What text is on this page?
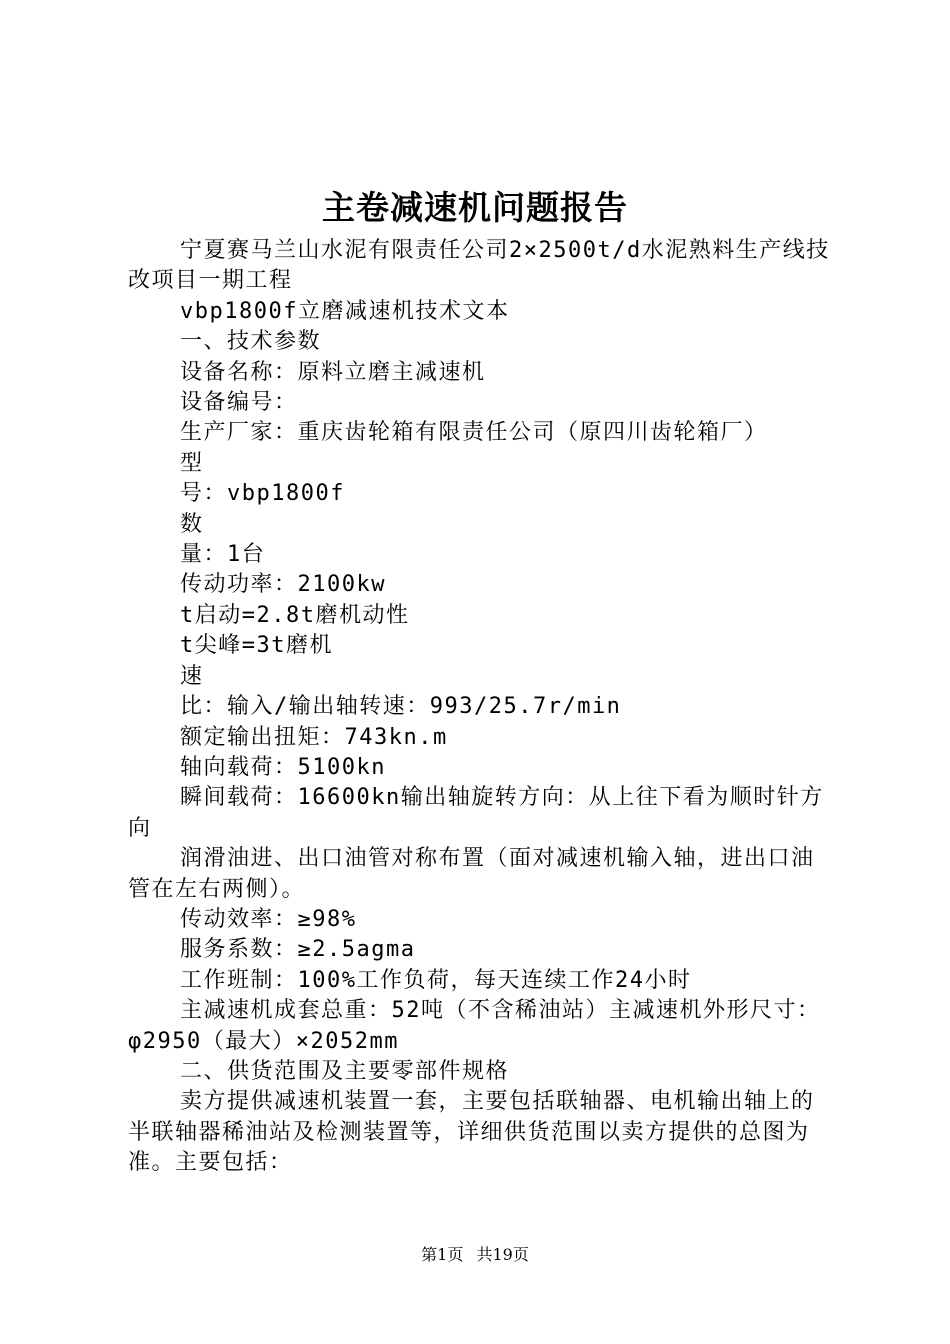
主卷减速机问题报告

宁夏赛马兰山水泥有限责任公司2×2500t/d水泥熟料生产线技改项目一期工程

vbp1800f立磨减速机技术文本

一、技术参数

设备名称：原料立磨主减速机

设备编号：

生产厂家：重庆齿轮箱有限责任公司（原四川齿轮箱厂）

型

号：vbp1800f

数

量：1台

传动功率：2100kw

t启动=2.8t磨机动性

t尖峰=3t磨机

速

比：输入/输出轴转速：993/25.7r/min

额定输出扭矩：743kn.m

轴向载荷：5100kn

瞬间载荷：16600kn输出轴旋转方向：从上往下看为顺时针方向

润滑油进、出口油管对称布置（面对减速机输入轴，进出口油管在左右两侧）。

传动效率：≥98%

服务系数：≥2.5agma

工作班制：100%工作负荷，每天连续工作24小时

主减速机成套总重：52吨（不含稀油站）主减速机外形尺寸：φ2950（最大）×2052mm

二、供货范围及主要零部件规格

卖方提供减速机装置一套，主要包括联轴器、电机输出轴上的半联轴器稀油站及检测装置等，详细供货范围以卖方提供的总图为准。主要包括：

第1页 共19页
